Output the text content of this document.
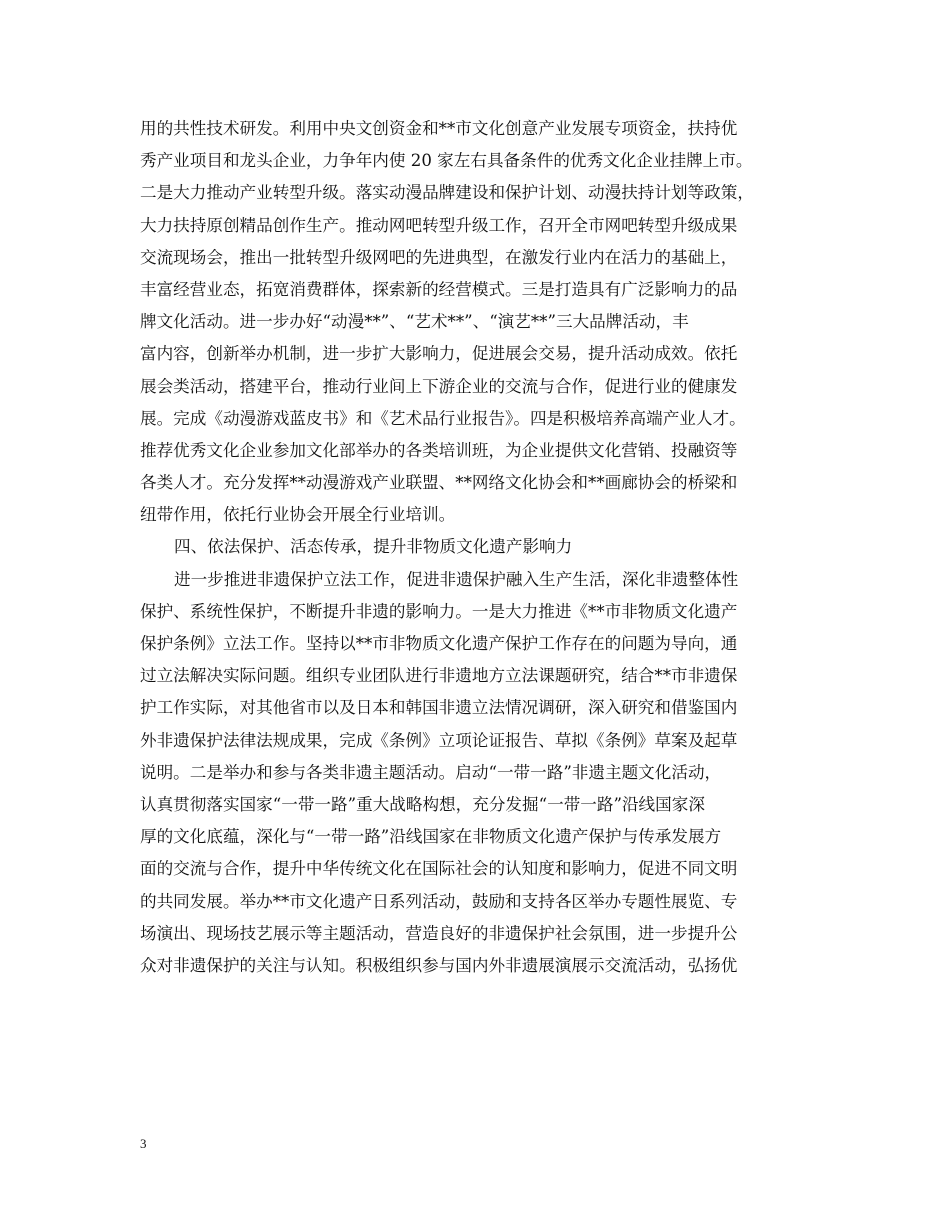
用的共性技术研发。利用中央文创资金和**市文化创意产业发展专项资金，扶持优
秀产业项目和龙头企业，力争年内使 20 家左右具备条件的优秀文化企业挂牌上市。
二是大力推动产业转型升级。落实动漫品牌建设和保护计划、动漫扶持计划等政策，
大力扶持原创精品创作生产。推动网吧转型升级工作，召开全市网吧转型升级成果
交流现场会，推出一批转型升级网吧的先进典型，在激发行业内在活力的基础上，
丰富经营业态，拓宽消费群体，探索新的经营模式。三是打造具有广泛影响力的品
牌文化活动。进一步办好“动漫**”、“艺术**”、“演艺**”三大品牌活动，丰
富内容，创新举办机制，进一步扩大影响力，促进展会交易，提升活动成效。依托
展会类活动，搭建平台，推动行业间上下游企业的交流与合作，促进行业的健康发
展。完成《动漫游戏蓝皮书》和《艺术品行业报告》。四是积极培养高端产业人才。
推荐优秀文化企业参加文化部举办的各类培训班，为企业提供文化营销、投融资等
各类人才。充分发挥**动漫游戏产业联盟、**网络文化协会和**画廊协会的桥梁和
纽带作用，依托行业协会开展全行业培训。
四、依法保护、活态传承，提升非物质文化遗产影响力
进一步推进非遗保护立法工作，促进非遗保护融入生产生活，深化非遗整体性
保护、系统性保护，不断提升非遗的影响力。一是大力推进《**市非物质文化遗产
保护条例》立法工作。坚持以**市非物质文化遗产保护工作存在的问题为导向，通
过立法解决实际问题。组织专业团队进行非遗地方立法课题研究，结合**市非遗保
护工作实际，对其他省市以及日本和韩国非遗立法情况调研，深入研究和借鉴国内
外非遗保护法律法规成果，完成《条例》立项论证报告、草拟《条例》草案及起草
说明。二是举办和参与各类非遗主题活动。启动“一带一路”非遗主题文化活动，
认真贯彻落实国家“一带一路”重大战略构想，充分发掘“一带一路”沿线国家深
厚的文化底蕴，深化与“一带一路”沿线国家在非物质文化遗产保护与传承发展方
面的交流与合作，提升中华传统文化在国际社会的认知度和影响力，促进不同文明
的共同发展。举办**市文化遗产日系列活动，鼓励和支持各区举办专题性展览、专
场演出、现场技艺展示等主题活动，营造良好的非遗保护社会氛围，进一步提升公
众对非遗保护的关注与认知。积极组织参与国内外非遗展演展示交流活动，弘扬优
3
